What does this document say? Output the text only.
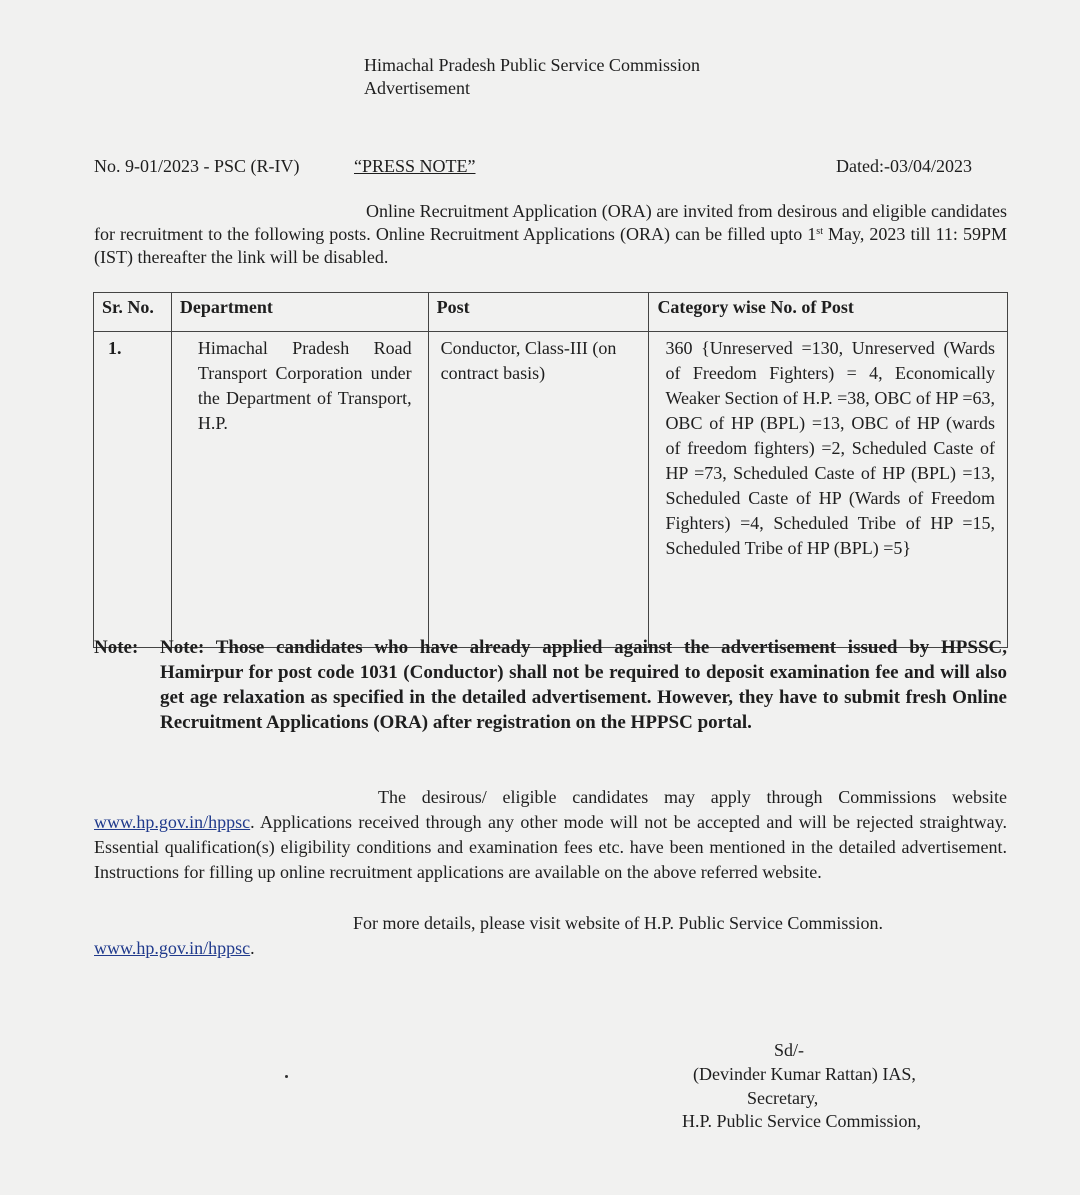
Himachal Pradesh Public Service Commission
Advertisement
No. 9-01/2023 - PSC (R-IV)	“PRESS NOTE”	Dated:-03/04/2023
Online Recruitment Application (ORA) are invited from desirous and eligible candidates for recruitment to the following posts. Online Recruitment Applications (ORA) can be filled upto 1st May, 2023 till 11: 59PM (IST) thereafter the link will be disabled.
Sr. No.	Department	Post	Category wise No. of Post
1.	Himachal Pradesh Road Transport Corporation under the Department of Transport, H.P.	Conductor, Class-III (on contract basis)	360 {Unreserved =130, Unreserved (Wards of Freedom Fighters) = 4, Economically Weaker Section of H.P. =38, OBC of HP =63, OBC of HP (BPL) =13, OBC of HP (wards of freedom fighters) =2, Scheduled Caste of HP =73, Scheduled Caste of HP (BPL) =13, Scheduled Caste of HP (Wards of Freedom Fighters) =4, Scheduled Tribe of HP =15, Scheduled Tribe of HP (BPL) =5}
Note: Note: Those candidates who have already applied against the advertisement issued by HPSSC, Hamirpur for post code 1031 (Conductor) shall not be required to deposit examination fee and will also get age relaxation as specified in the detailed advertisement. However, they have to submit fresh Online Recruitment Applications (ORA) after registration on the HPPSC portal.
The desirous/ eligible candidates may apply through Commissions website www.hp.gov.in/hppsc. Applications received through any other mode will not be accepted and will be rejected straightway. Essential qualification(s) eligibility conditions and examination fees etc. have been mentioned in the detailed advertisement. Instructions for filling up online recruitment applications are available on the above referred website.
For more details, please visit website of H.P. Public Service Commission.
www.hp.gov.in/hppsc.
Sd/-
(Devinder Kumar Rattan) IAS,
Secretary,
H.P. Public Service Commission,
